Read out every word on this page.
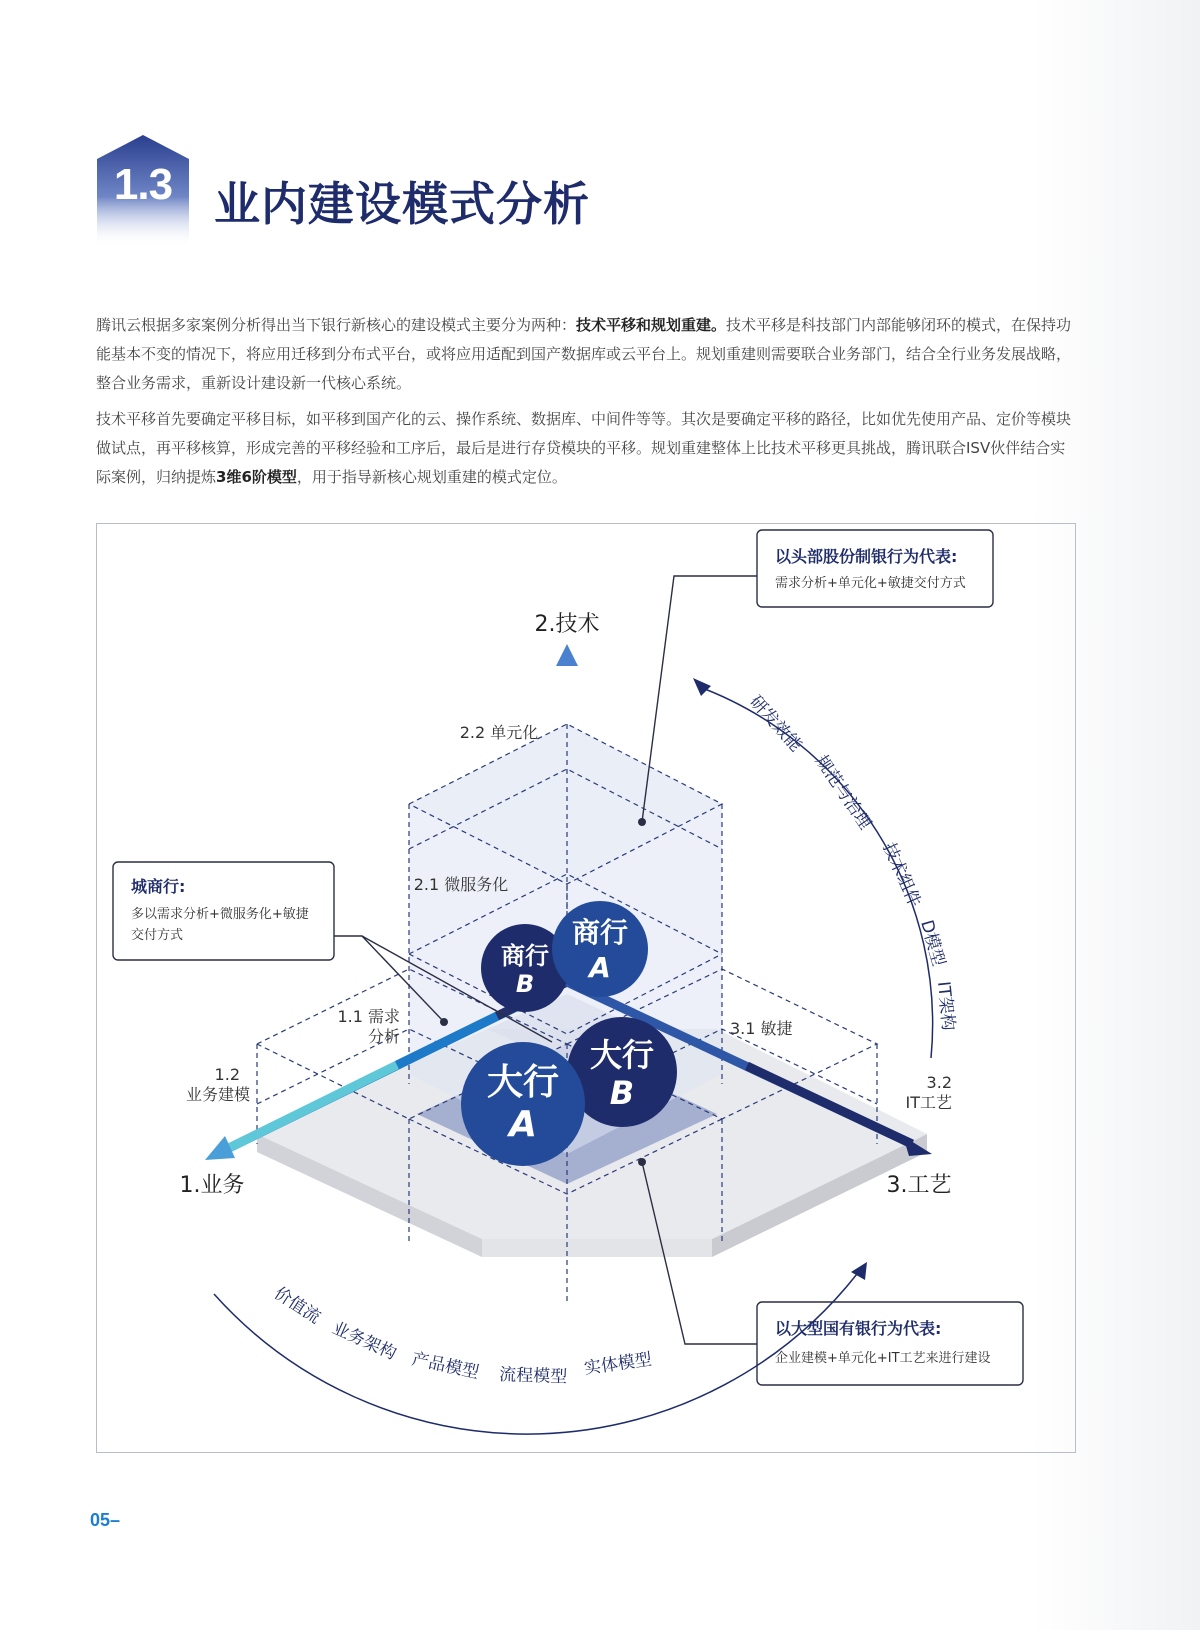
1.3 业内建设模式分析
腾讯云根据多家案例分析得出当下银行新核心的建设模式主要分为两种：技术平移和规划重建。技术平移是科技部门内部能够闭环的模式，在保持功能基本不变的情况下，将应用迁移到分布式平台，或将应用适配到国产数据库或云平台上。规划重建则需要联合业务部门，结合全行业务发展战略，整合业务需求，重新设计建设新一代核心系统。
技术平移首先要确定平移目标，如平移到国产化的云、操作系统、数据库、中间件等等。其次是要确定平移的路径，比如优先使用产品、定价等模块做试点，再平移核算，形成完善的平移经验和工序后，最后是进行存贷模块的平移。规划重建整体上比技术平移更具挑战，腾讯联合ISV伙伴结合实际案例，归纳提炼3维6阶模型，用于指导新核心规划重建的模式定位。
2.技术
1.业务	3.工艺
2.2 单元化
2.1 微服务化
1.1 需求
分析
1.2
业务建模
3.1 敏捷
3.2
IT工艺
商行
B
商行
A
大行
B
大行
A
以头部股份制银行为代表:
需求分析+单元化+敏捷交付方式
城商行:
多以需求分析+微服务化+敏捷
交付方式
以大型国有银行为代表:
企业建模+单元化+IT工艺来进行建设
研发效能
规范与治理
技术组件
D模型
IT架构
价值流
业务架构
产品模型 流程模型 实体模型
05–
